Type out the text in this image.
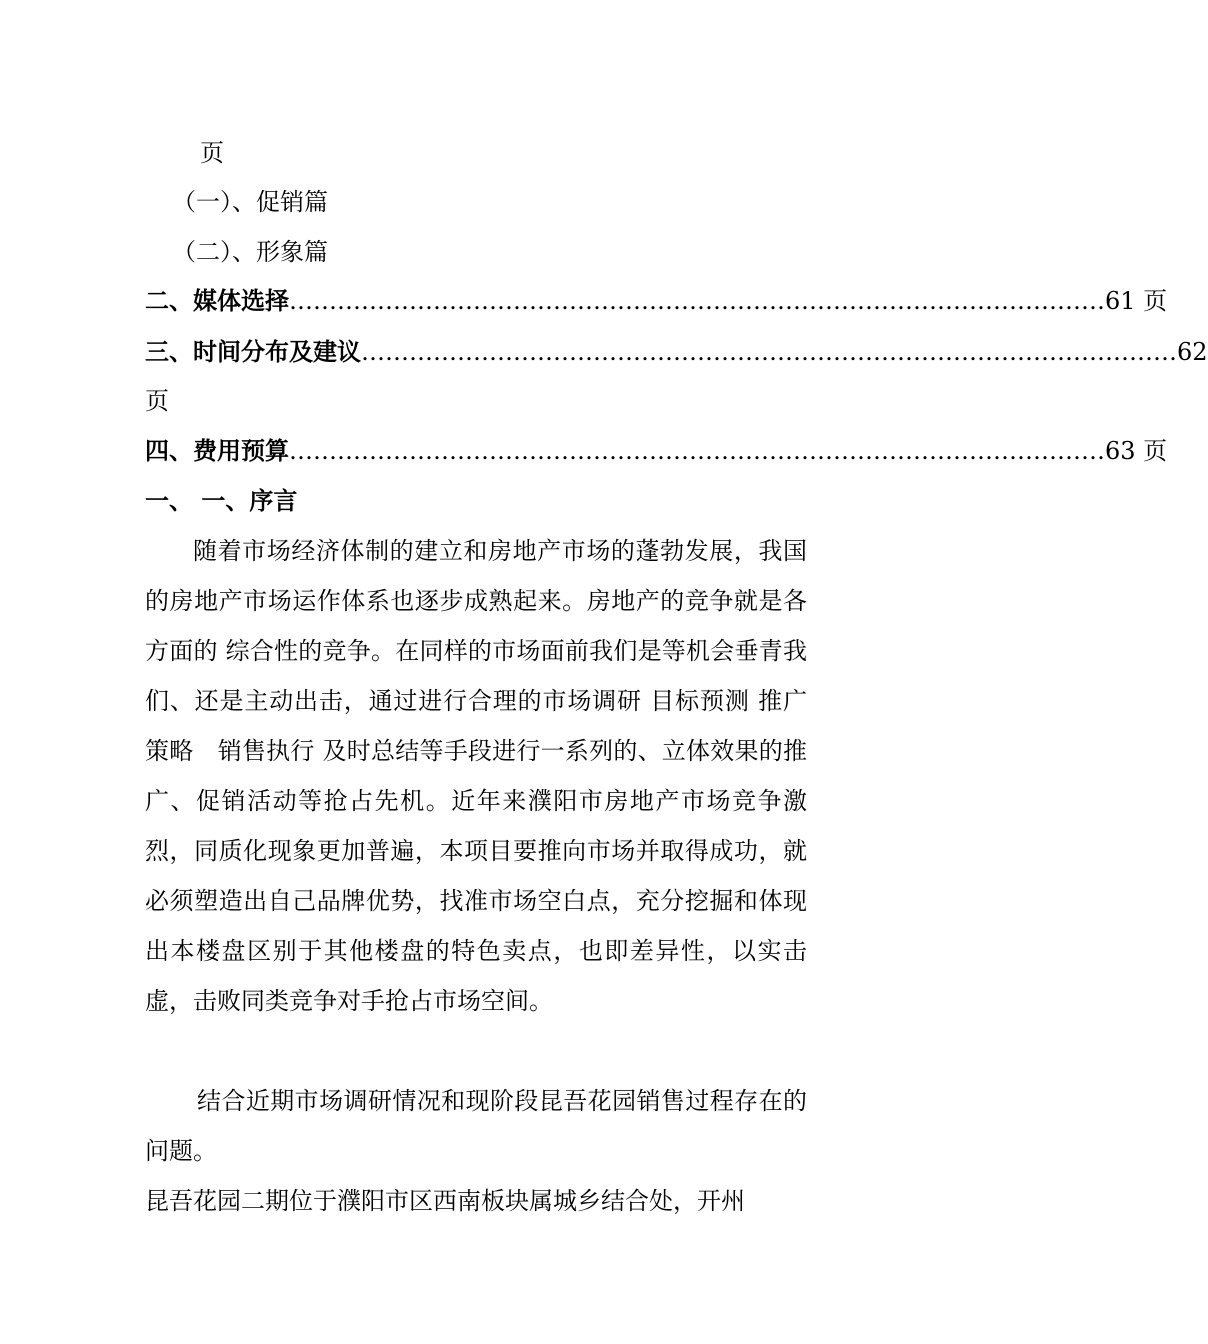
页
（一）、促销篇
（二）、形象篇
二、媒体选择 ………………………………………………………………………………………… 61 页
三、时间分布及建议 ………………………………………………………………………………………… 62
页
四、费用预算 ………………………………………………………………………………………… 63 页
一、 一、序言
随着市场经济体制的建立和房地产市场的蓬勃发展，我国的房地产市场运作体系也逐步成熟起来。房地产的竞争就是各方面的 综合性的竞争。在同样的市场面前我们是等机会垂青我们、还是主动出击，通过进行合理的市场调研 目标预测 推广策略　销售执行 及时总结等手段进行一系列的、立体效果的推广、促销活动等抢占先机。近年来濮阳市房地产市场竞争激烈，同质化现象更加普遍，本项目要推向市场并取得成功，就必须塑造出自己品牌优势，找准市场空白点，充分挖掘和体现出本楼盘区别于其他楼盘的特色卖点，也即差异性，以实击虚，击败同类竞争对手抢占市场空间。
结合近期市场调研情况和现阶段昆吾花园销售过程存在的问题。
昆吾花园二期位于濮阳市区西南板块属城乡结合处，开州
